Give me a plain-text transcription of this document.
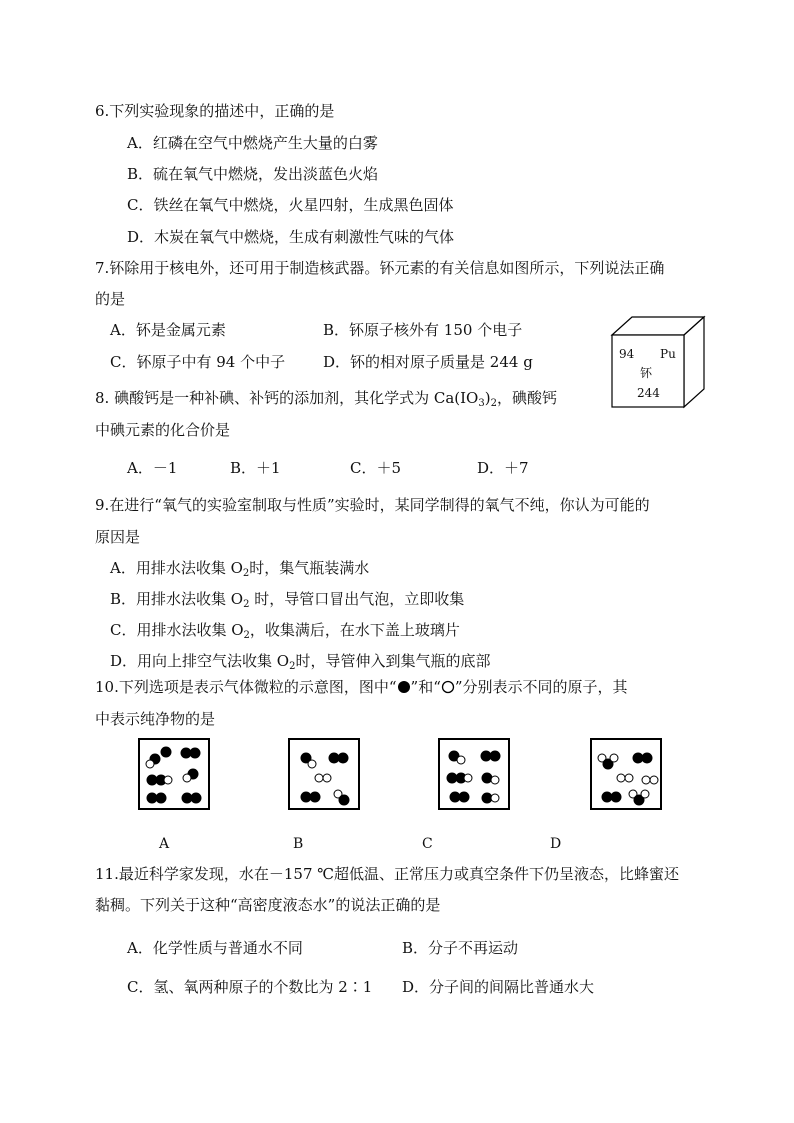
6.下列实验现象的描述中，正确的是
A．红磷在空气中燃烧产生大量的白雾
B．硫在氧气中燃烧，发出淡蓝色火焰
C．铁丝在氧气中燃烧，火星四射，生成黑色固体
D．木炭在氧气中燃烧，生成有刺激性气味的气体
7.钚除用于核电外，还可用于制造核武器。钚元素的有关信息如图所示，下列说法正确
的是
A．钚是金属元素	B．钚原子核外有 150 个电子
C．钚原子中有 94 个中子	D．钚的相对原子质量是 244 g	94 Pu
钚
244
8. 碘酸钙是一种补碘、补钙的添加剂，其化学式为 $Ca(IO_3)_2$，碘酸钙
中碘元素的化合价是
A．－1	B．＋1	C．＋5	D．＋7
9.在进行“氧气的实验室制取与性质”实验时，某同学制得的氧气不纯，你认为可能的
原因是
A．用排水法收集 $O_2$时，集气瓶装满水
B．用排水法收集 $O_2$ 时，导管口冒出气泡，立即收集
C．用排水法收集 $O_2$，收集满后，在水下盖上玻璃片
D．用向上排空气法收集 $O_2$时，导管伸入到集气瓶的底部
10.下列选项是表示气体微粒的示意图，图中“ ”和“ ”分别表示不同的原子，其
中表示纯净物的是
A	B	C	D
11.最近科学家发现，水在－157 ℃超低温、正常压力或真空条件下仍呈液态，比蜂蜜还
黏稠。下列关于这种“高密度液态水”的说法正确的是
A．化学性质与普通水不同	B．分子不再运动
C．氢、氧两种原子的个数比为 2∶1 D．分子间的间隔比普通水大
